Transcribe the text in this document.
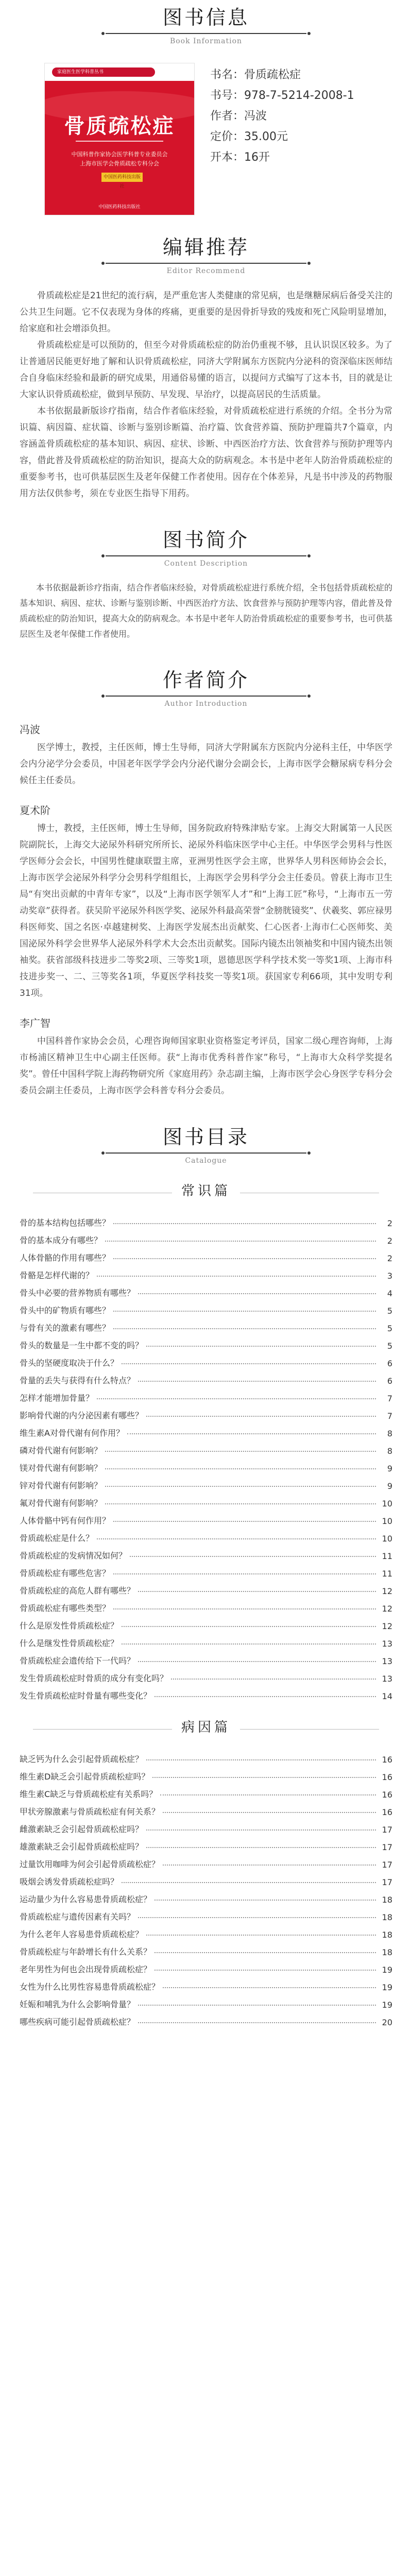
图书信息
Book Information
家庭医生医学科普丛书
骨质疏松症
中国科普作家协会医学科普专业委员会
上海市医学会骨质疏松专科分会
中国医药科技出版社
中国医药科技出版社
书名：骨质疏松症
书号：978-7-5214-2008-1
作者：冯波
定价：35.00元
开本：16开
编辑推荐
Editor Recommend

骨质疏松症是21世纪的流行病，是严重危害人类健康的常见病，也是继糖尿病后备受关注的公共卫生问题。它不仅表现为身体的疼痛，更重要的是因骨折导致的残废和死亡风险明显增加，给家庭和社会增添负担。

骨质疏松症是可以预防的，但至今对骨质疏松症的防治仍重视不够，且认识误区较多。为了让普通居民能更好地了解和认识骨质疏松症，同济大学附属东方医院内分泌科的资深临床医师结合自身临床经验和最新的研究成果，用通俗易懂的语言，以提问方式编写了这本书，目的就是让大家认识骨质疏松症，做到早预防、早发现、早治疗，以提高居民的生活质量。

本书依据最新版诊疗指南，结合作者临床经验，对骨质疏松症进行系统的介绍。全书分为常识篇、病因篇、症状篇、诊断与鉴别诊断篇、治疗篇、饮食营养篇、预防护理篇共7个篇章，内容涵盖骨质疏松症的基本知识、病因、症状、诊断、中西医治疗方法、饮食营养与预防护理等内容，借此普及骨质疏松症的防治知识，提高大众的防病观念。本书是中老年人防治骨质疏松症的重要参考书，也可供基层医生及老年保健工作者使用。因存在个体差异，凡是书中涉及的药物服用方法仅供参考，须在专业医生指导下用药。

图书简介
Content Description

本书依据最新诊疗指南，结合作者临床经验，对骨质疏松症进行系统介绍，全书包括骨质疏松症的基本知识、病因、症状、诊断与鉴别诊断、中西医治疗方法、饮食营养与预防护理等内容，借此普及骨质疏松症的防治知识，提高大众的防病观念。本书是中老年人防治骨质疏松症的重要参考书，也可供基层医生及老年保健工作者使用。

作者简介
Author Introduction
冯波

医学博士，教授，主任医师，博士生导师，同济大学附属东方医院内分泌科主任，中华医学会内分泌学分会委员，中国老年医学学会内分泌代谢分会副会长，上海市医学会糖尿病专科分会候任主任委员。

夏术阶

博士，教授，主任医师，博士生导师，国务院政府特殊津贴专家。上海交大附属第一人民医院副院长，上海交大泌尿外科研究所所长、泌尿外科临床医学中心主任。中华医学会男科与性医学医师分会会长，中国男性健康联盟主席，亚洲男性医学会主席，世界华人男科医师协会会长，上海市医学会泌尿外科学分会男科学组组长，上海医学会男科学分会主任委员。曾获上海市卫生局“有突出贡献的中青年专家”，以及“上海市医学领军人才”和“上海工匠”称号，“上海市五一劳动奖章”获得者。获吴阶平泌尿外科医学奖、泌尿外科最高荣誉“金膀胱镜奖”、伏羲奖、郭应禄男科医师奖、国之名医·卓越建树奖、上海医学发展杰出贡献奖、仁心医者·上海市仁心医师奖、美国泌尿外科学会世界华人泌尿外科学术大会杰出贡献奖。国际内镜杰出领袖奖和中国内镜杰出领袖奖。获省部级科技进步二等奖2项、三等奖1项，恩德思医学科学技术奖一等奖1项、上海市科技进步奖一、二、三等奖各1项，华夏医学科技奖一等奖1项。获国家专利66项，其中发明专利31项。

李广智

中国科普作家协会会员，心理咨询师国家职业资格鉴定考评员，国家二级心理咨询师，上海市杨浦区精神卫生中心副主任医师。获“上海市优秀科普作家”称号，“上海市大众科学奖提名奖”。曾任中国科学院上海药物研究所《家庭用药》杂志副主编，上海市医学会心身医学专科分会委员会副主任委员，上海市医学会科普专科分会委员。

图书目录
Catalogue
常识篇
骨的基本结构包括哪些？	2
骨的基本成分有哪些？	2
人体骨骼的作用有哪些？	2
骨骼是怎样代谢的？	3
骨头中必要的营养物质有哪些？	4
骨头中的矿物质有哪些？	5
与骨有关的激素有哪些？	5
骨头的数量是一生中都不变的吗？	5
骨头的坚硬度取决于什么？	6
骨量的丢失与获得有什么特点？	6
怎样才能增加骨量？	7
影响骨代谢的内分泌因素有哪些？	7
维生素A对骨代谢有何作用？	8
磷对骨代谢有何影响？	8
镁对骨代谢有何影响？	9
锌对骨代谢有何影响？	9
氟对骨代谢有何影响？	10
人体骨骼中钙有何作用？	10
骨质疏松症是什么？	10
骨质疏松症的发病情况如何？	11
骨质疏松症有哪些危害？	11
骨质疏松症的高危人群有哪些？	12
骨质疏松症有哪些类型？	12
什么是原发性骨质疏松症？	12
什么是继发性骨质疏松症？	13
骨质疏松症会遗传给下一代吗？	13
发生骨质疏松症时骨质的成分有变化吗？	13
发生骨质疏松症时骨量有哪些变化？	14
病因篇
缺乏钙为什么会引起骨质疏松症？	16
维生素D缺乏会引起骨质疏松症吗？	16
维生素C缺乏与骨质疏松症有关系吗？	16
甲状旁腺激素与骨质疏松症有何关系？	16
雌激素缺乏会引起骨质疏松症吗？	17
雄激素缺乏会引起骨质疏松症吗？	17
过量饮用咖啡为何会引起骨质疏松症？	17
吸烟会诱发骨质疏松症吗？	17
运动量少为什么容易患骨质疏松症？	18
骨质疏松症与遗传因素有关吗？	18
为什么老年人容易患骨质疏松症？	18
骨质疏松症与年龄增长有什么关系？	18
老年男性为何也会出现骨质疏松症？	19
女性为什么比男性容易患骨质疏松症？	19
妊娠和哺乳为什么会影响骨量？	19
哪些疾病可能引起骨质疏松症？	20
